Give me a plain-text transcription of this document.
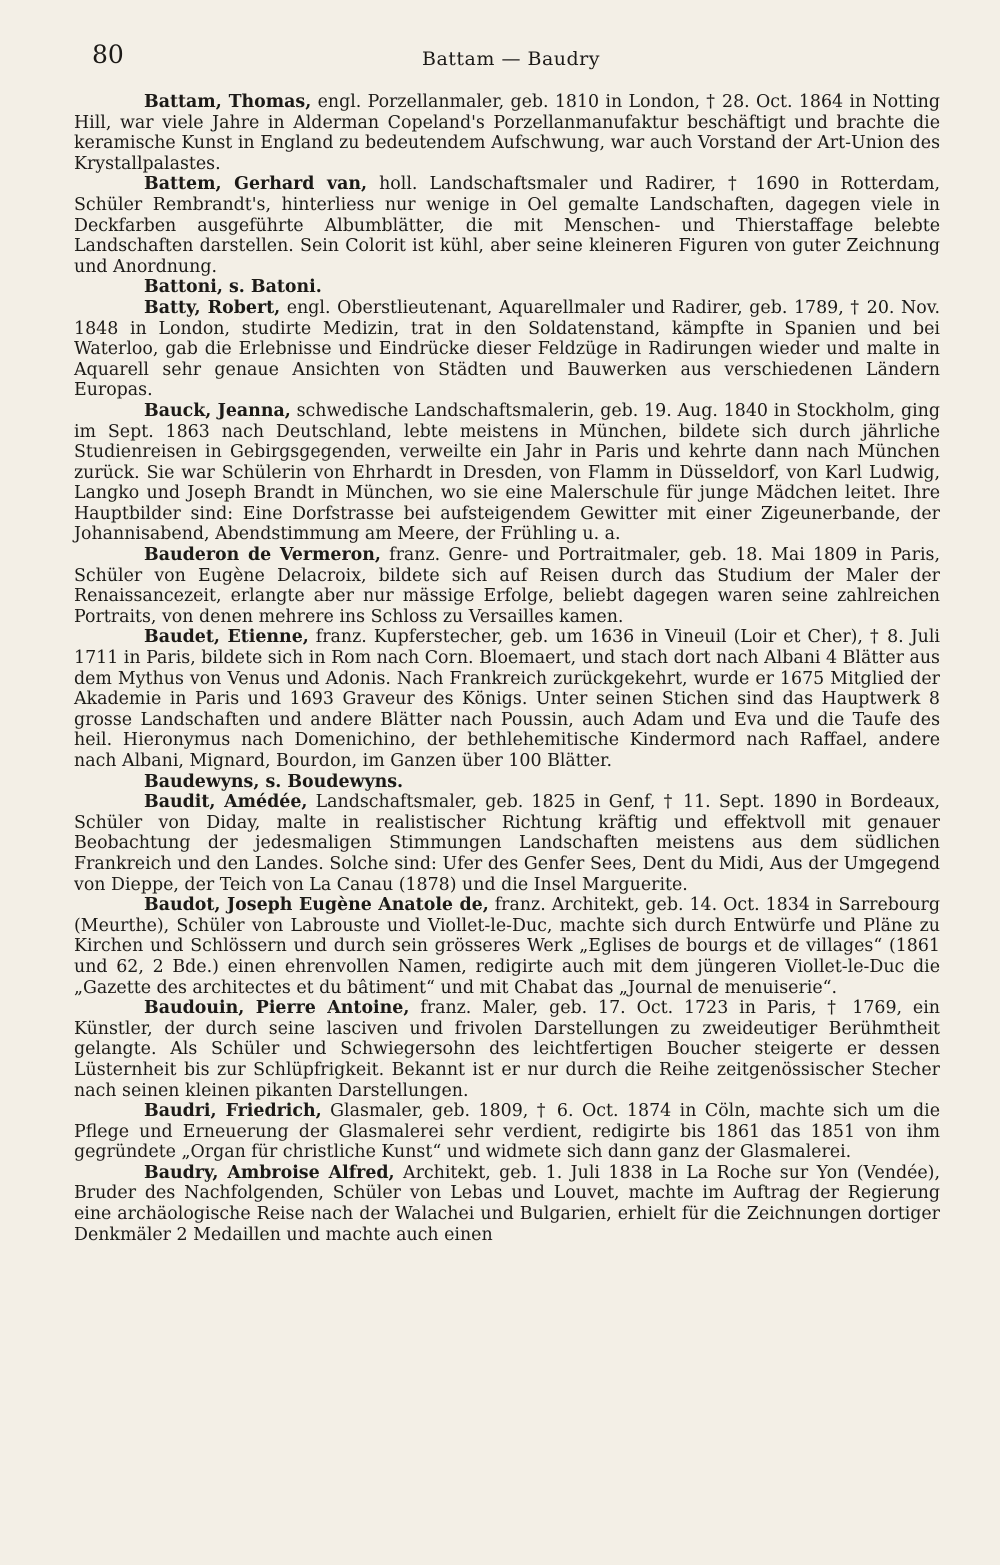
80	Battam — Baudry

Battam, Thomas, engl. Porzellanmaler, geb. 1810 in London, † 28. Oct. 1864 in Notting Hill, war viele Jahre in Alderman Copeland's Porzellanmanufaktur beschäftigt und brachte die keramische Kunst in England zu bedeutendem Aufschwung, war auch Vorstand der Art-Union des Krystallpalastes.

Battem, Gerhard van, holl. Landschaftsmaler und Radirer, † 1690 in Rotterdam, Schüler Rembrandt's, hinterliess nur wenige in Oel gemalte Landschaften, dagegen viele in Deckfarben ausgeführte Albumblätter, die mit Menschen- und Thierstaffage belebte Landschaften darstellen. Sein Colorit ist kühl, aber seine kleineren Figuren von guter Zeichnung und Anordnung.

Battoni, s. Batoni.

Batty, Robert, engl. Oberstlieutenant, Aquarellmaler und Radirer, geb. 1789, † 20. Nov. 1848 in London, studirte Medizin, trat in den Soldatenstand, kämpfte in Spanien und bei Waterloo, gab die Erlebnisse und Eindrücke dieser Feldzüge in Radirungen wieder und malte in Aquarell sehr genaue Ansichten von Städten und Bauwerken aus verschiedenen Ländern Europas.

Bauck, Jeanna, schwedische Landschaftsmalerin, geb. 19. Aug. 1840 in Stockholm, ging im Sept. 1863 nach Deutschland, lebte meistens in München, bildete sich durch jährliche Studienreisen in Gebirgsgegenden, verweilte ein Jahr in Paris und kehrte dann nach München zurück. Sie war Schülerin von Ehrhardt in Dresden, von Flamm in Düsseldorf, von Karl Ludwig, Langko und Joseph Brandt in München, wo sie eine Malerschule für junge Mädchen leitet. Ihre Hauptbilder sind: Eine Dorfstrasse bei aufsteigendem Gewitter mit einer Zigeunerbande, der Johannisabend, Abendstimmung am Meere, der Frühling u. a.

Bauderon de Vermeron, franz. Genre- und Portraitmaler, geb. 18. Mai 1809 in Paris, Schüler von Eugène Delacroix, bildete sich auf Reisen durch das Studium der Maler der Renaissancezeit, erlangte aber nur mässige Erfolge, beliebt dagegen waren seine zahlreichen Portraits, von denen mehrere ins Schloss zu Versailles kamen.

Baudet, Etienne, franz. Kupferstecher, geb. um 1636 in Vineuil (Loir et Cher), † 8. Juli 1711 in Paris, bildete sich in Rom nach Corn. Bloemaert, und stach dort nach Albani 4 Blätter aus dem Mythus von Venus und Adonis. Nach Frankreich zurückgekehrt, wurde er 1675 Mitglied der Akademie in Paris und 1693 Graveur des Königs. Unter seinen Stichen sind das Hauptwerk 8 grosse Landschaften und andere Blätter nach Poussin, auch Adam und Eva und die Taufe des heil. Hieronymus nach Domenichino, der bethlehemitische Kindermord nach Raffael, andere nach Albani, Mignard, Bourdon, im Ganzen über 100 Blätter.

Baudewyns, s. Boudewyns.

Baudit, Amédée, Landschaftsmaler, geb. 1825 in Genf, † 11. Sept. 1890 in Bordeaux, Schüler von Diday, malte in realistischer Richtung kräftig und effektvoll mit genauer Beobachtung der jedesmaligen Stimmungen Landschaften meistens aus dem südlichen Frankreich und den Landes. Solche sind: Ufer des Genfer Sees, Dent du Midi, Aus der Umgegend von Dieppe, der Teich von La Canau (1878) und die Insel Marguerite.

Baudot, Joseph Eugène Anatole de, franz. Architekt, geb. 14. Oct. 1834 in Sarrebourg (Meurthe), Schüler von Labrouste und Viollet-le-Duc, machte sich durch Entwürfe und Pläne zu Kirchen und Schlössern und durch sein grösseres Werk „Eglises de bourgs et de villages“ (1861 und 62, 2 Bde.) einen ehrenvollen Namen, redigirte auch mit dem jüngeren Viollet-le-Duc die „Gazette des architectes et du bâtiment“ und mit Chabat das „Journal de menuiserie“.

Baudouin, Pierre Antoine, franz. Maler, geb. 17. Oct. 1723 in Paris, † 1769, ein Künstler, der durch seine lasciven und frivolen Darstellungen zu zweideutiger Berühmtheit gelangte. Als Schüler und Schwiegersohn des leichtfertigen Boucher steigerte er dessen Lüsternheit bis zur Schlüpfrigkeit. Bekannt ist er nur durch die Reihe zeitgenössischer Stecher nach seinen kleinen pikanten Darstellungen.

Baudri, Friedrich, Glasmaler, geb. 1809, † 6. Oct. 1874 in Cöln, machte sich um die Pflege und Erneuerung der Glasmalerei sehr verdient, redigirte bis 1861 das 1851 von ihm gegründete „Organ für christliche Kunst“ und widmete sich dann ganz der Glasmalerei.

Baudry, Ambroise Alfred, Architekt, geb. 1. Juli 1838 in La Roche sur Yon (Vendée), Bruder des Nachfolgenden, Schüler von Lebas und Louvet, machte im Auftrag der Regierung eine archäologische Reise nach der Walachei und Bulgarien, erhielt für die Zeichnungen dortiger Denkmäler 2 Medaillen und machte auch einen
